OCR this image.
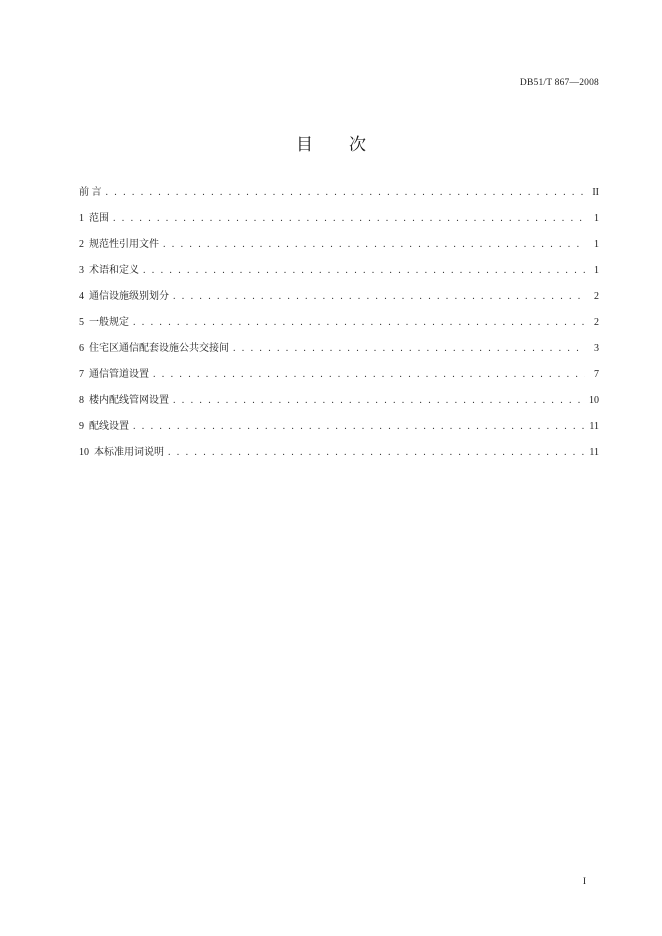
DB51/T 867—2008
目 次
前 言 . . .	II
1 范围 . . .	1
2 规范性引用文件 . . .	1
3 术语和定义 . . .	1
4 通信设施级别划分 . . .	2
5 一般规定 . . .	2
6 住宅区通信配套设施公共交接间 . . .	3
7 通信管道设置 . . .	7
8 楼内配线管网设置 . . .	10
9 配线设置 . . .	11
10 本标准用词说明 . . .	11
I
